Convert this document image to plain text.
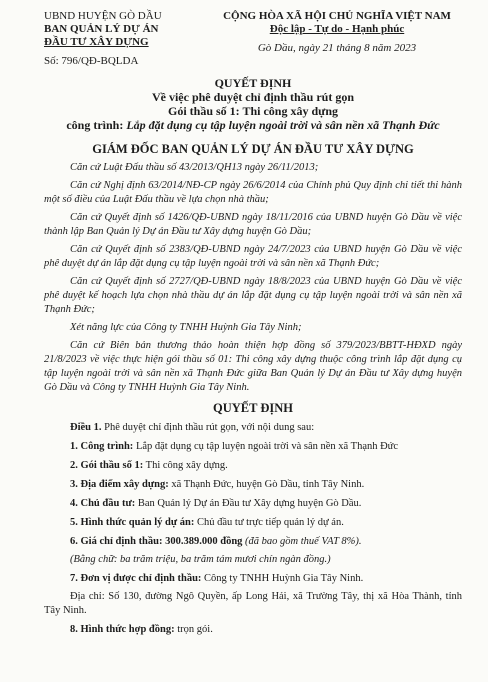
UBND HUYỆN GÒ DẦU
BAN QUẢN LÝ DỰ ÁN
ĐẦU TƯ XÂY DỰNG
Số: 796/QĐ-BQLDA
CỘNG HÒA XÃ HỘI CHỦ NGHĨA VIỆT NAM
Độc lập - Tự do - Hạnh phúc
Gò Dầu, ngày 21 tháng 8 năm 2023
QUYẾT ĐỊNH
Về việc phê duyệt chỉ định thầu rút gọn
Gói thầu số 1: Thi công xây dựng
công trình: Lắp đặt dụng cụ tập luyện ngoài trời và sân nền xã Thạnh Đức
GIÁM ĐỐC BAN QUẢN LÝ DỰ ÁN ĐẦU TƯ XÂY DỰNG

Căn cứ Luật Đấu thầu số 43/2013/QH13 ngày 26/11/2013;

Căn cứ Nghị định 63/2014/NĐ-CP ngày 26/6/2014 của Chính phủ Quy định chi tiết thi hành một số điều của Luật Đấu thầu về lựa chọn nhà thầu;

Căn cứ Quyết định số 1426/QĐ-UBND ngày 18/11/2016 của UBND huyện Gò Dầu về việc thành lập Ban Quản lý Dự án Đầu tư Xây dựng huyện Gò Dầu;

Căn cứ Quyết định số 2383/QĐ-UBND ngày 24/7/2023 của UBND huyện Gò Dầu về việc phê duyệt dự án lắp đặt dụng cụ tập luyện ngoài trời và sân nền xã Thạnh Đức;

Căn cứ Quyết định số 2727/QĐ-UBND ngày 18/8/2023 của UBND huyện Gò Dầu về việc phê duyệt kế hoạch lựa chọn nhà thầu dự án lắp đặt dụng cụ tập luyện ngoài trời và sân nền xã Thạnh Đức;

Xét năng lực của Công ty TNHH Huỳnh Gia Tây Ninh;

Căn cứ Biên bản thương thảo hoàn thiện hợp đồng số 379/2023/BBTT-HĐXD ngày 21/8/2023 về việc thực hiện gói thầu số 01: Thi công xây dựng thuộc công trình lắp đặt dụng cụ tập luyện ngoài trời và sân nền xã Thạnh Đức giữa Ban Quản lý Dự án Đầu tư Xây dựng huyện Gò Dầu và Công ty TNHH Huỳnh Gia Tây Ninh.

QUYẾT ĐỊNH

Điều 1. Phê duyệt chỉ định thầu rút gọn, với nội dung sau:

1. Công trình: Lắp đặt dụng cụ tập luyện ngoài trời và sân nền xã Thạnh Đức

2. Gói thầu số 1: Thi công xây dựng.

3. Địa điểm xây dựng: xã Thạnh Đức, huyện Gò Dầu, tỉnh Tây Ninh.

4. Chủ đầu tư: Ban Quản lý Dự án Đầu tư Xây dựng huyện Gò Dầu.

5. Hình thức quản lý dự án: Chủ đầu tư trực tiếp quản lý dự án.

6. Giá chỉ định thầu: 300.389.000 đồng (đã bao gồm thuế VAT 8%).

(Bằng chữ: ba trăm triệu, ba trăm tám mươi chín ngàn đồng.)

7. Đơn vị được chỉ định thầu: Công ty TNHH Huỳnh Gia Tây Ninh.

Địa chỉ: Số 130, đường Ngô Quyền, ấp Long Hải, xã Trường Tây, thị xã Hòa Thành, tỉnh Tây Ninh.

8. Hình thức hợp đồng: trọn gói.
